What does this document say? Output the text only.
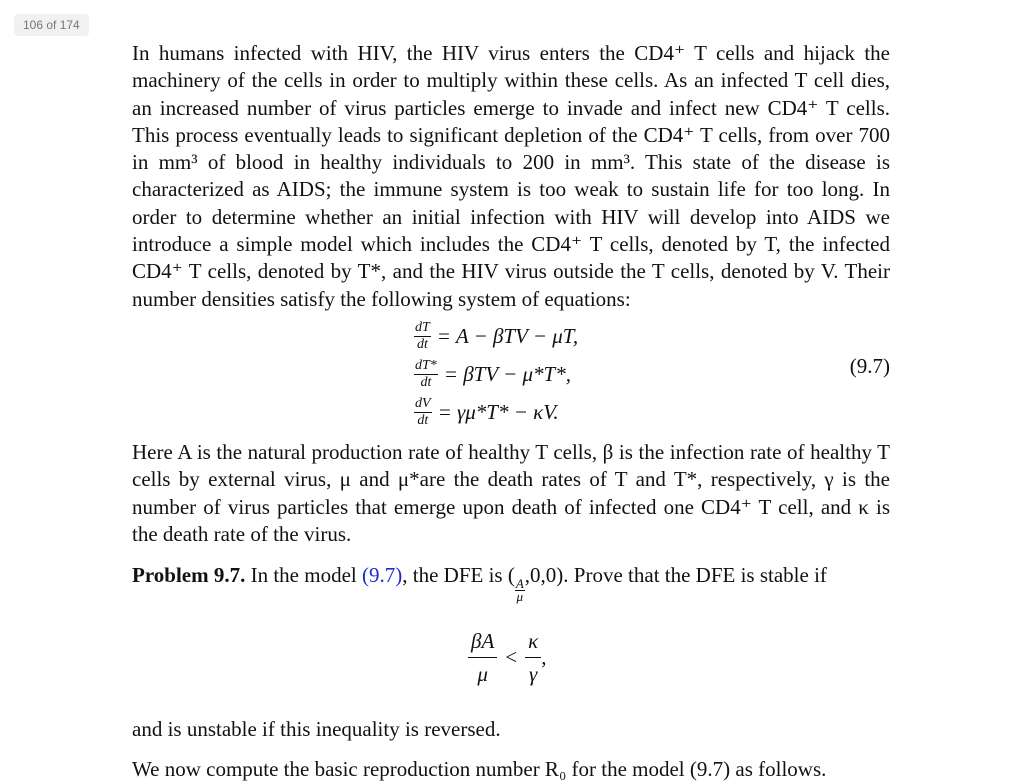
106 of 174

In humans infected with HIV, the HIV virus enters the CD4⁺ T cells and hijack the machinery of the cells in order to multiply within these cells. As an infected T cell dies, an increased number of virus particles emerge to invade and infect new CD4⁺ T cells. This process eventually leads to significant depletion of the CD4⁺ T cells, from over 700 in mm³ of blood in healthy individuals to 200 in mm³. This state of the disease is characterized as AIDS; the immune system is too weak to sustain life for too long. In order to determine whether an initial infection with HIV will develop into AIDS we introduce a simple model which includes the CD4⁺ T cells, denoted by T, the infected CD4⁺ T cells, denoted by T*, and the HIV virus outside the T cells, denoted by V. Their number densities satisfy the following system of equations:

$\frac{dT}{dt} = A - \beta TV - \mu T$,
$\frac{dT*}{dt} = \beta TV - \mu*T*$,
$\frac{dV}{dt} = \gamma\mu*T* - \kappa V$.
(9.7)

Here A is the natural production rate of healthy T cells, β is the infection rate of healthy T cells by external virus, μ and μ*are the death rates of T and T*, respectively, γ is the number of virus particles that emerge upon death of infected one CD4⁺ T cell, and κ is the death rate of the virus.

Problem 9.7. In the model (9.7), the DFE is (
$\frac{A}{\mu}$
,0,0). Prove that the DFE is stable if

$\frac{\beta A}{\mu} < \frac{\kappa}{\gamma}$ ,

and is unstable if this inequality is reversed.

We now compute the basic reproduction number R₀ for the model (9.7) as follows.
